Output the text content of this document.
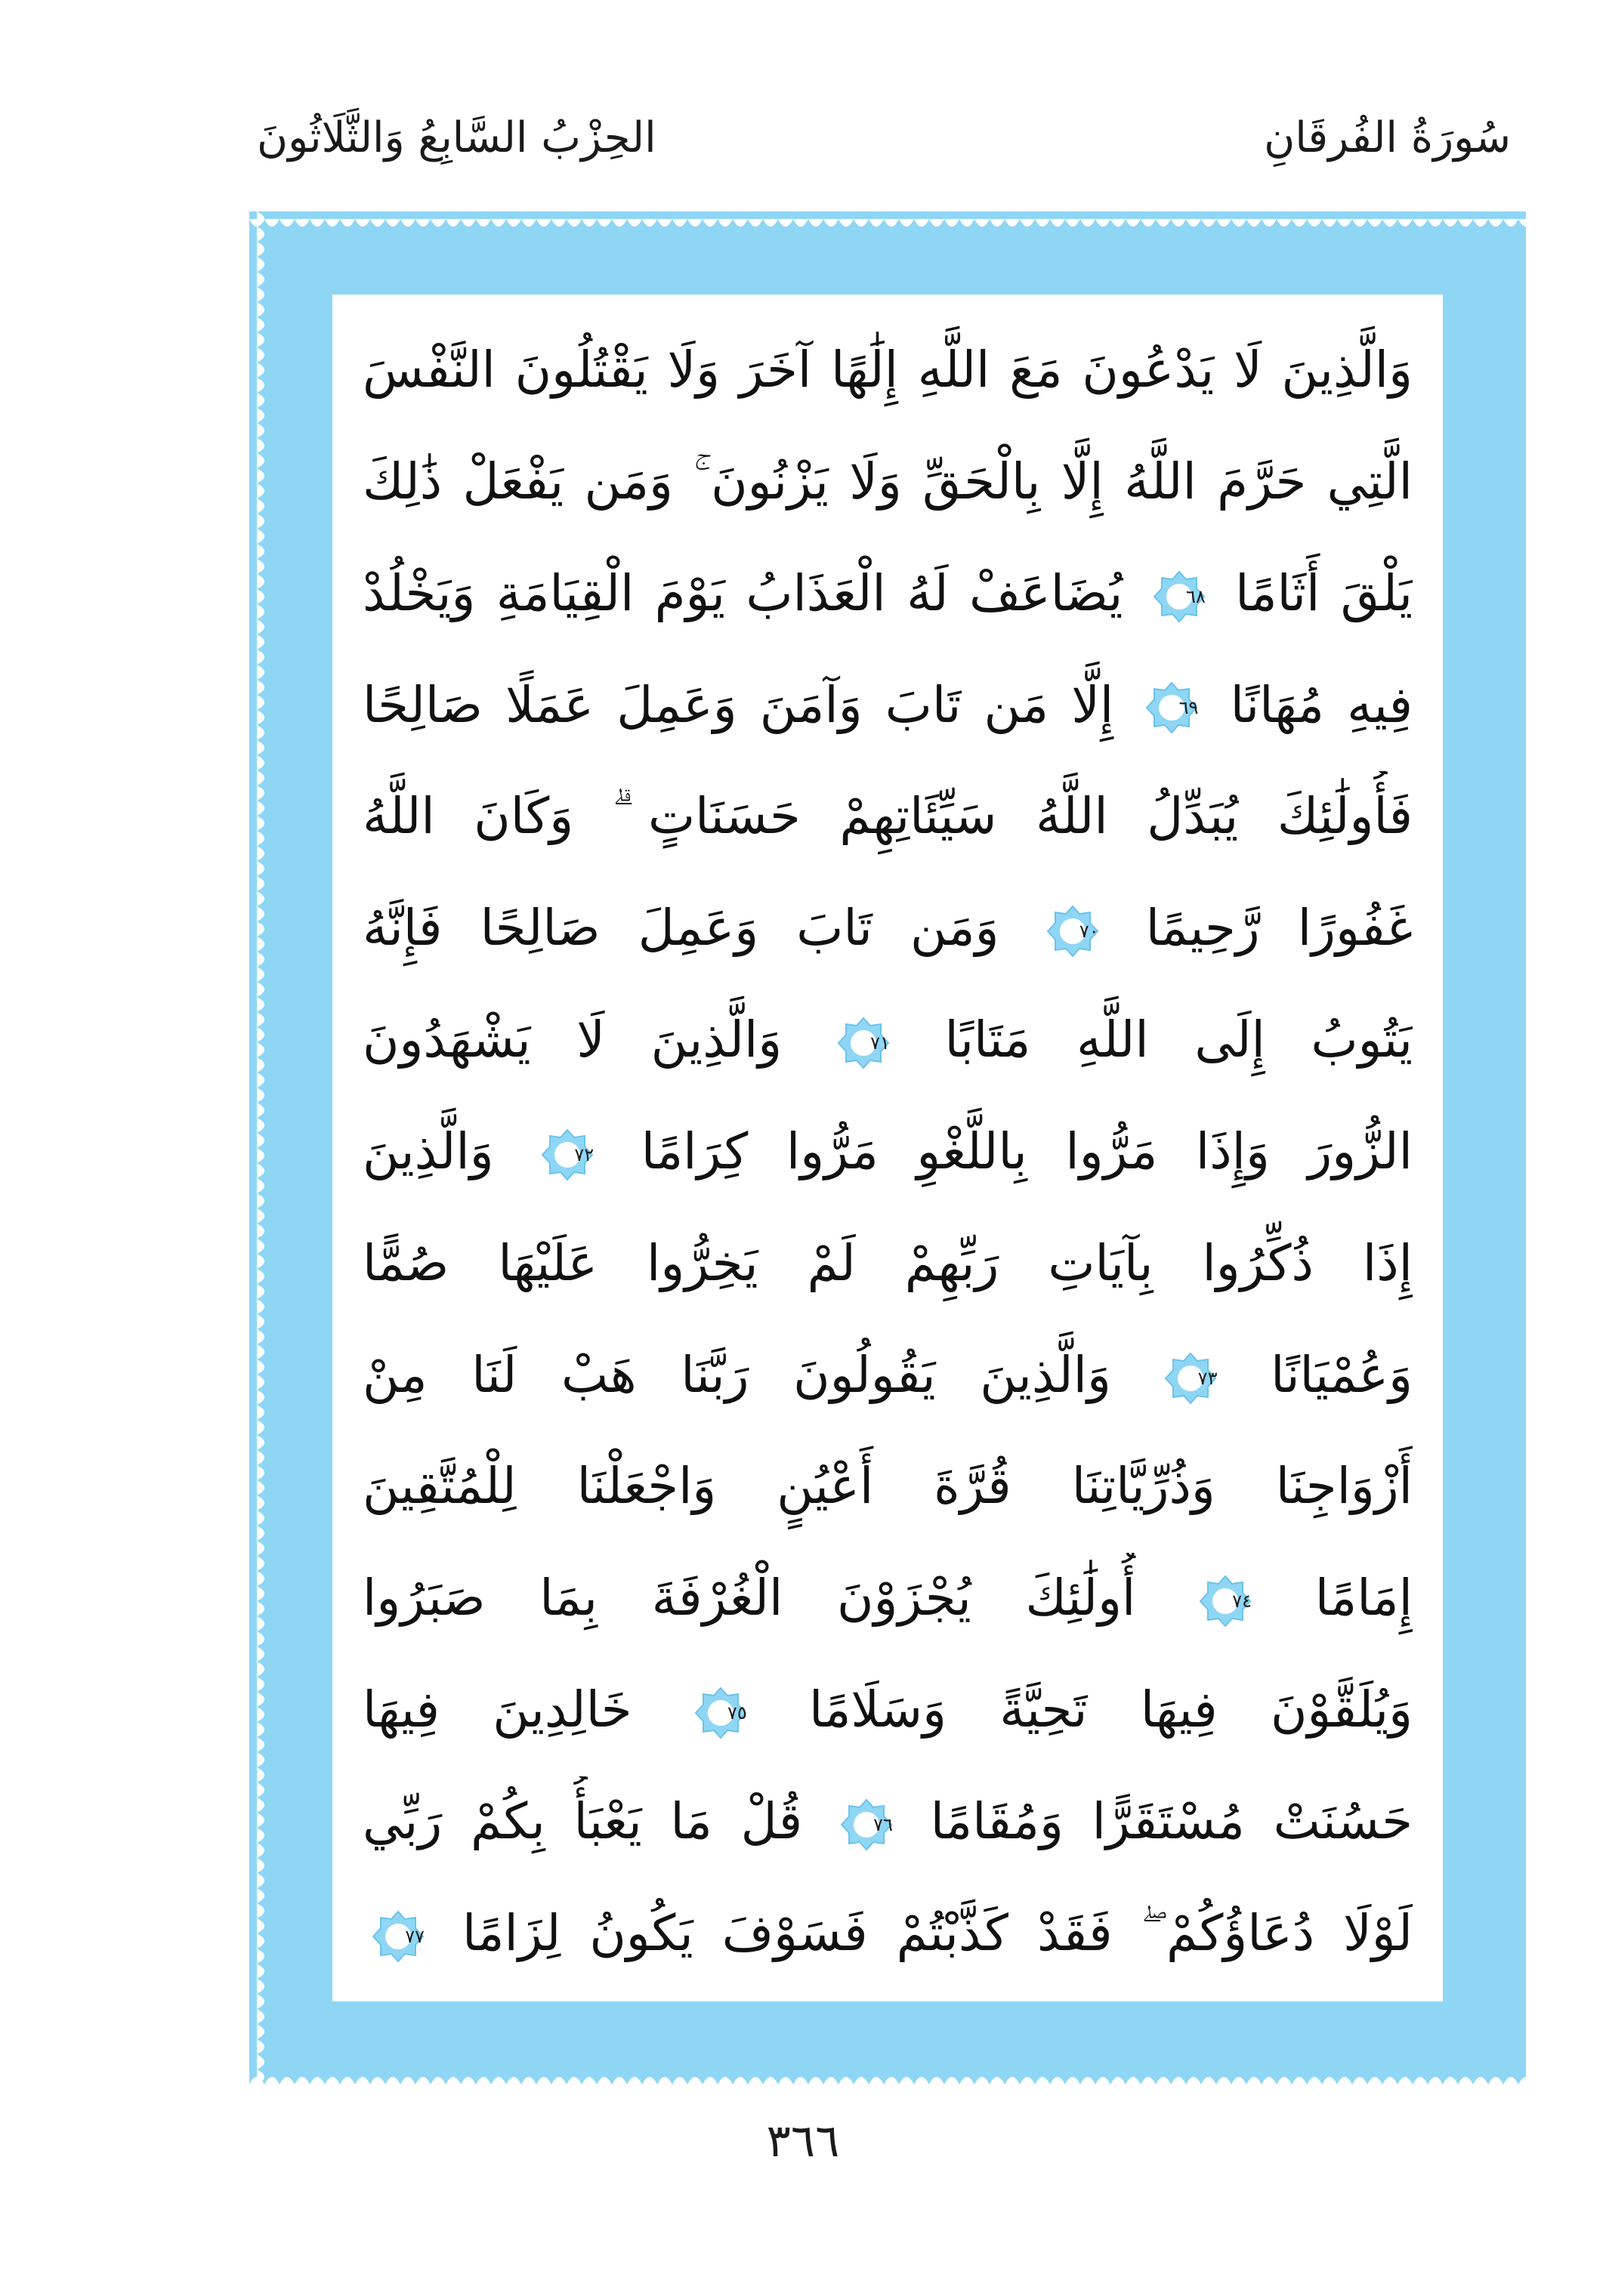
سُورَةُ الفُرقَانِ
الحِزْبُ السَّابِعُ وَالثَّلَاثُونَ
وَالَّذِينَ لَا يَدْعُونَ مَعَ اللَّهِ إِلَٰهًا آخَرَ وَلَا يَقْتُلُونَ النَّفْسَ
الَّتِي حَرَّمَ اللَّهُ إِلَّا بِالْحَقِّ وَلَا يَزْنُونَ ۚ وَمَن يَفْعَلْ ذَٰلِكَ
يَلْقَ أَثَامًا
٦٨
يُضَاعَفْ لَهُ الْعَذَابُ يَوْمَ الْقِيَامَةِ وَيَخْلُدْ
فِيهِ مُهَانًا
٦٩
إِلَّا مَن تَابَ وَآمَنَ وَعَمِلَ عَمَلًا صَالِحًا
فَأُولَٰئِكَ يُبَدِّلُ اللَّهُ سَيِّئَاتِهِمْ حَسَنَاتٍ ۗ وَكَانَ اللَّهُ
غَفُورًا رَّحِيمًا
٧٠
وَمَن تَابَ وَعَمِلَ صَالِحًا فَإِنَّهُ
يَتُوبُ إِلَى اللَّهِ مَتَابًا
٧١
وَالَّذِينَ لَا يَشْهَدُونَ
الزُّورَ وَإِذَا مَرُّوا بِاللَّغْوِ مَرُّوا كِرَامًا
٧٢
وَالَّذِينَ
إِذَا ذُكِّرُوا بِآيَاتِ رَبِّهِمْ لَمْ يَخِرُّوا عَلَيْهَا صُمًّا
وَعُمْيَانًا
٧٣
وَالَّذِينَ يَقُولُونَ رَبَّنَا هَبْ لَنَا مِنْ
أَزْوَاجِنَا وَذُرِّيَّاتِنَا قُرَّةَ أَعْيُنٍ وَاجْعَلْنَا لِلْمُتَّقِينَ
إِمَامًا
٧٤
أُولَٰئِكَ يُجْزَوْنَ الْغُرْفَةَ بِمَا صَبَرُوا
وَيُلَقَّوْنَ فِيهَا تَحِيَّةً وَسَلَامًا
٧٥
خَالِدِينَ فِيهَا
حَسُنَتْ مُسْتَقَرًّا وَمُقَامًا
٧٦
قُلْ مَا يَعْبَأُ بِكُمْ رَبِّي
لَوْلَا دُعَاؤُكُمْ ۖ فَقَدْ كَذَّبْتُمْ فَسَوْفَ يَكُونُ لِزَامًا
٧٧
٣٦٦
